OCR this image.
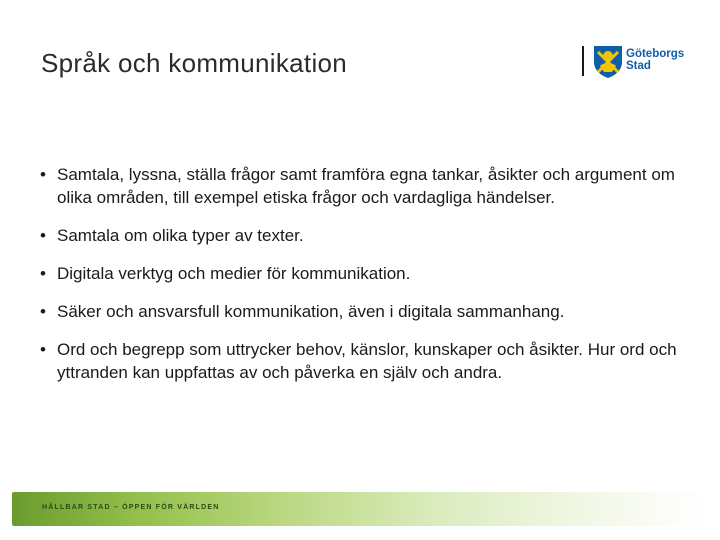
Språk och kommunikation	Göteborgs
Stad
• Samtala, lyssna, ställa frågor samt framföra egna tankar, åsikter och argument om olika områden, till exempel etiska frågor och vardagliga händelser.
• Samtala om olika typer av texter.
• Digitala verktyg och medier för kommunikation.
• Säker och ansvarsfull kommunikation, även i digitala sammanhang.
• Ord och begrepp som uttrycker behov, känslor, kunskaper och åsikter. Hur ord och yttranden kan uppfattas av och påverka en själv och andra.
HÅLLBAR STAD – ÖPPEN FÖR VÄRLDEN
